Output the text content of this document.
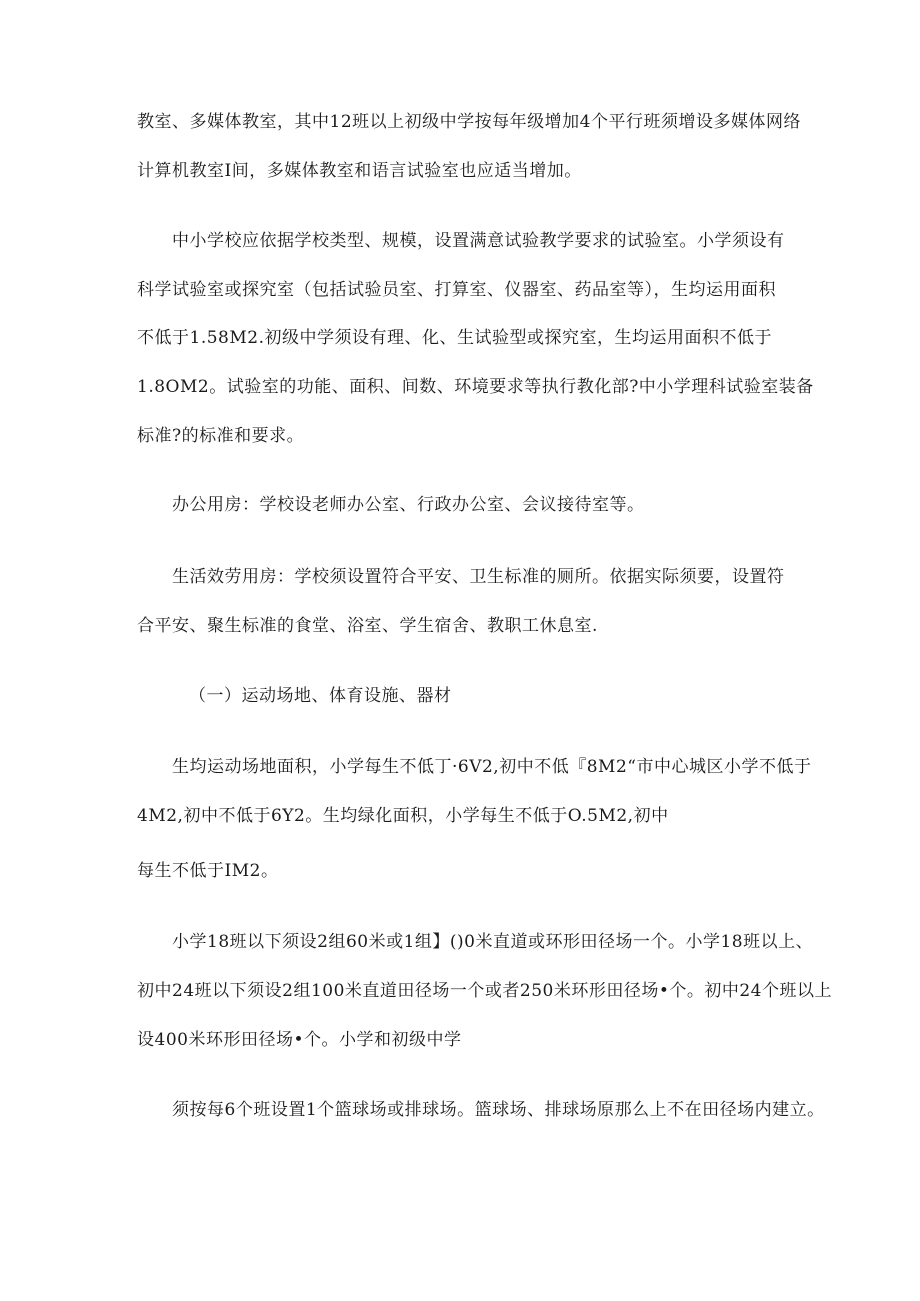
教室、多媒体教室，其中12班以上初级中学按每年级增加4个平行班须增设多媒体网络
计算机教室I间，多媒体教室和语言试验室也应适当增加。
中小学校应依据学校类型、规模，设置满意试验教学要求的试验室。小学须设有
科学试验室或探究室（包括试验员室、打算室、仪器室、药品室等），生均运用面积
不低于1.58M2.初级中学须设有理、化、生试验型或探究室，生均运用面积不低于
1.8OM2。试验室的功能、面积、间数、环境要求等执行教化部?中小学理科试验室装备
标准?的标准和要求。
办公用房：学校设老师办公室、行政办公室、会议接待室等。
生活效劳用房：学校须设置符合平安、卫生标准的厕所。依据实际须要，设置符
合平安、聚生标准的食堂、浴室、学生宿舍、教职工休息室.
（一）运动场地、体育设施、器材
生均运动场地面积，小学每生不低丁·6V2,初中不低『8M2“市中心城区小学不低于
4M2,初中不低于6Y2。生均绿化面积，小学每生不低于O.5M2,初中
每生不低于IM2。
小学18班以下须设2组60米或1组】()0米直道或环形田径场一个。小学18班以上、
初中24班以下须设2组100米直道田径场一个或者250米环形田径场•个。初中24个班以上
设400米环形田径场•个。小学和初级中学
须按每6个班设置1个篮球场或排球场。篮球场、排球场原那么上不在田径场内建立。
